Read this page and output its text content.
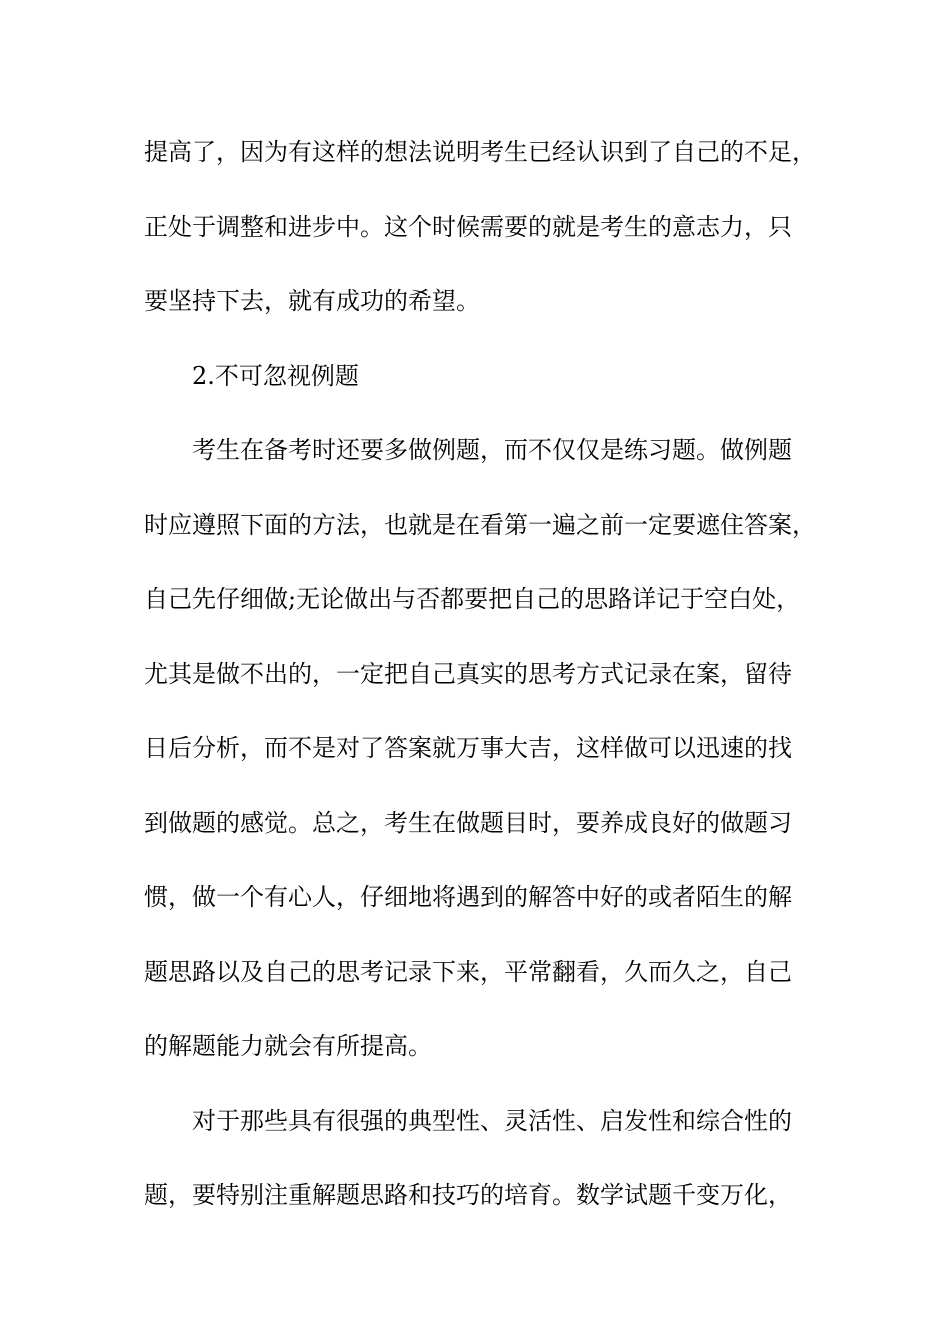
提高了，因为有这样的想法说明考生已经认识到了自己的不足，
正处于调整和进步中。这个时候需要的就是考生的意志力，只
要坚持下去，就有成功的希望。
2.不可忽视例题
考生在备考时还要多做例题，而不仅仅是练习题。做例题
时应遵照下面的方法，也就是在看第一遍之前一定要遮住答案，
自己先仔细做;无论做出与否都要把自己的思路详记于空白处，
尤其是做不出的，一定把自己真实的思考方式记录在案，留待
日后分析，而不是对了答案就万事大吉，这样做可以迅速的找
到做题的感觉。总之，考生在做题目时，要养成良好的做题习
惯，做一个有心人，仔细地将遇到的解答中好的或者陌生的解
题思路以及自己的思考记录下来，平常翻看，久而久之，自己
的解题能力就会有所提高。
对于那些具有很强的典型性、灵活性、启发性和综合性的
题，要特别注重解题思路和技巧的培育。数学试题千变万化，
